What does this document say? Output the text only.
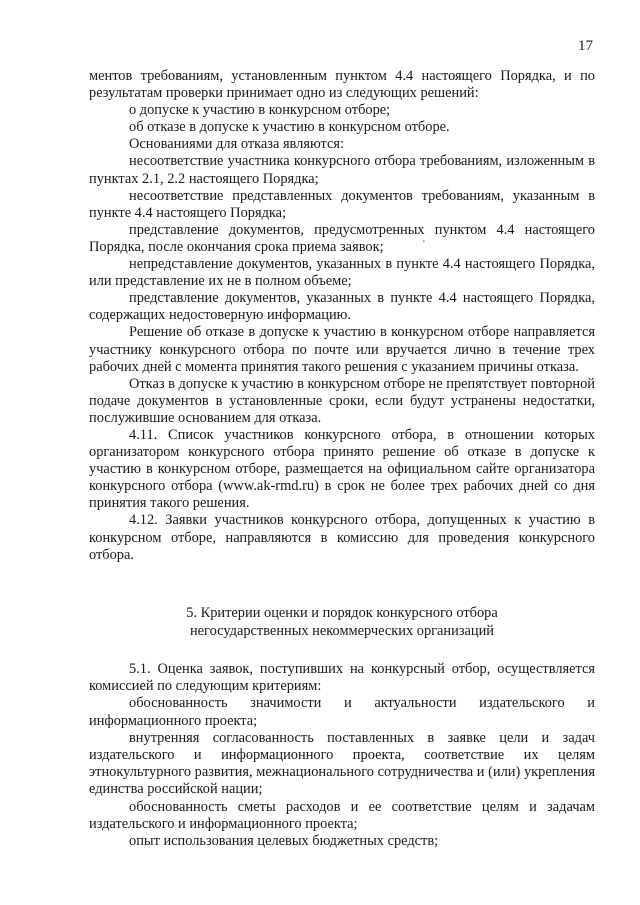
17
'

ментов требованиям, установленным пунктом 4.4 настоящего Порядка, и по результатам проверки принимает одно из следующих решений:

о допуске к участию в конкурсном отборе;

об отказе в допуске к участию в конкурсном отборе.

Основаниями для отказа являются:

несоответствие участника конкурсного отбора требованиям, изложенным в пунктах 2.1, 2.2 настоящего Порядка;

несоответствие представленных документов требованиям, указанным в пункте 4.4 настоящего Порядка;

представление документов, предусмотренных пунктом 4.4 настоящего Порядка, после окончания срока приема заявок;

непредставление документов, указанных в пункте 4.4 настоящего Порядка, или представление их не в полном объеме;

представление документов, указанных в пункте 4.4 настоящего Порядка, содержащих недостоверную информацию.

Решение об отказе в допуске к участию в конкурсном отборе направляется участнику конкурсного отбора по почте или вручается лично в течение трех рабочих дней с момента принятия такого решения с указанием причины отказа.

Отказ в допуске к участию в конкурсном отборе не препятствует повторной подаче документов в установленные сроки, если будут устранены недостатки, послужившие основанием для отказа.

4.11. Список участников конкурсного отбора, в отношении которых организатором конкурсного отбора принято решение об отказе в допуске к участию в конкурсном отборе, размещается на официальном сайте организатора конкурсного отбора (www.ak-rmd.ru) в срок не более трех рабочих дней со дня принятия такого решения.

4.12. Заявки участников конкурсного отбора, допущенных к участию в конкурсном отборе, направляются в комиссию для проведения конкурсного отбора.

5. Критерии оценки и порядок конкурсного отбора
негосударственных некоммерческих организаций

5.1. Оценка заявок, поступивших на конкурсный отбор, осуществляется комиссией по следующим критериям:

обоснованность значимости и актуальности издательского и информационного проекта;

внутренняя согласованность поставленных в заявке цели и задач издательского и информационного проекта, соответствие их целям этнокультурного развития, межнационального сотрудничества и (или) укрепления единства российской нации;

обоснованность сметы расходов и ее соответствие целям и задачам издательского и информационного проекта;

опыт использования целевых бюджетных средств;
